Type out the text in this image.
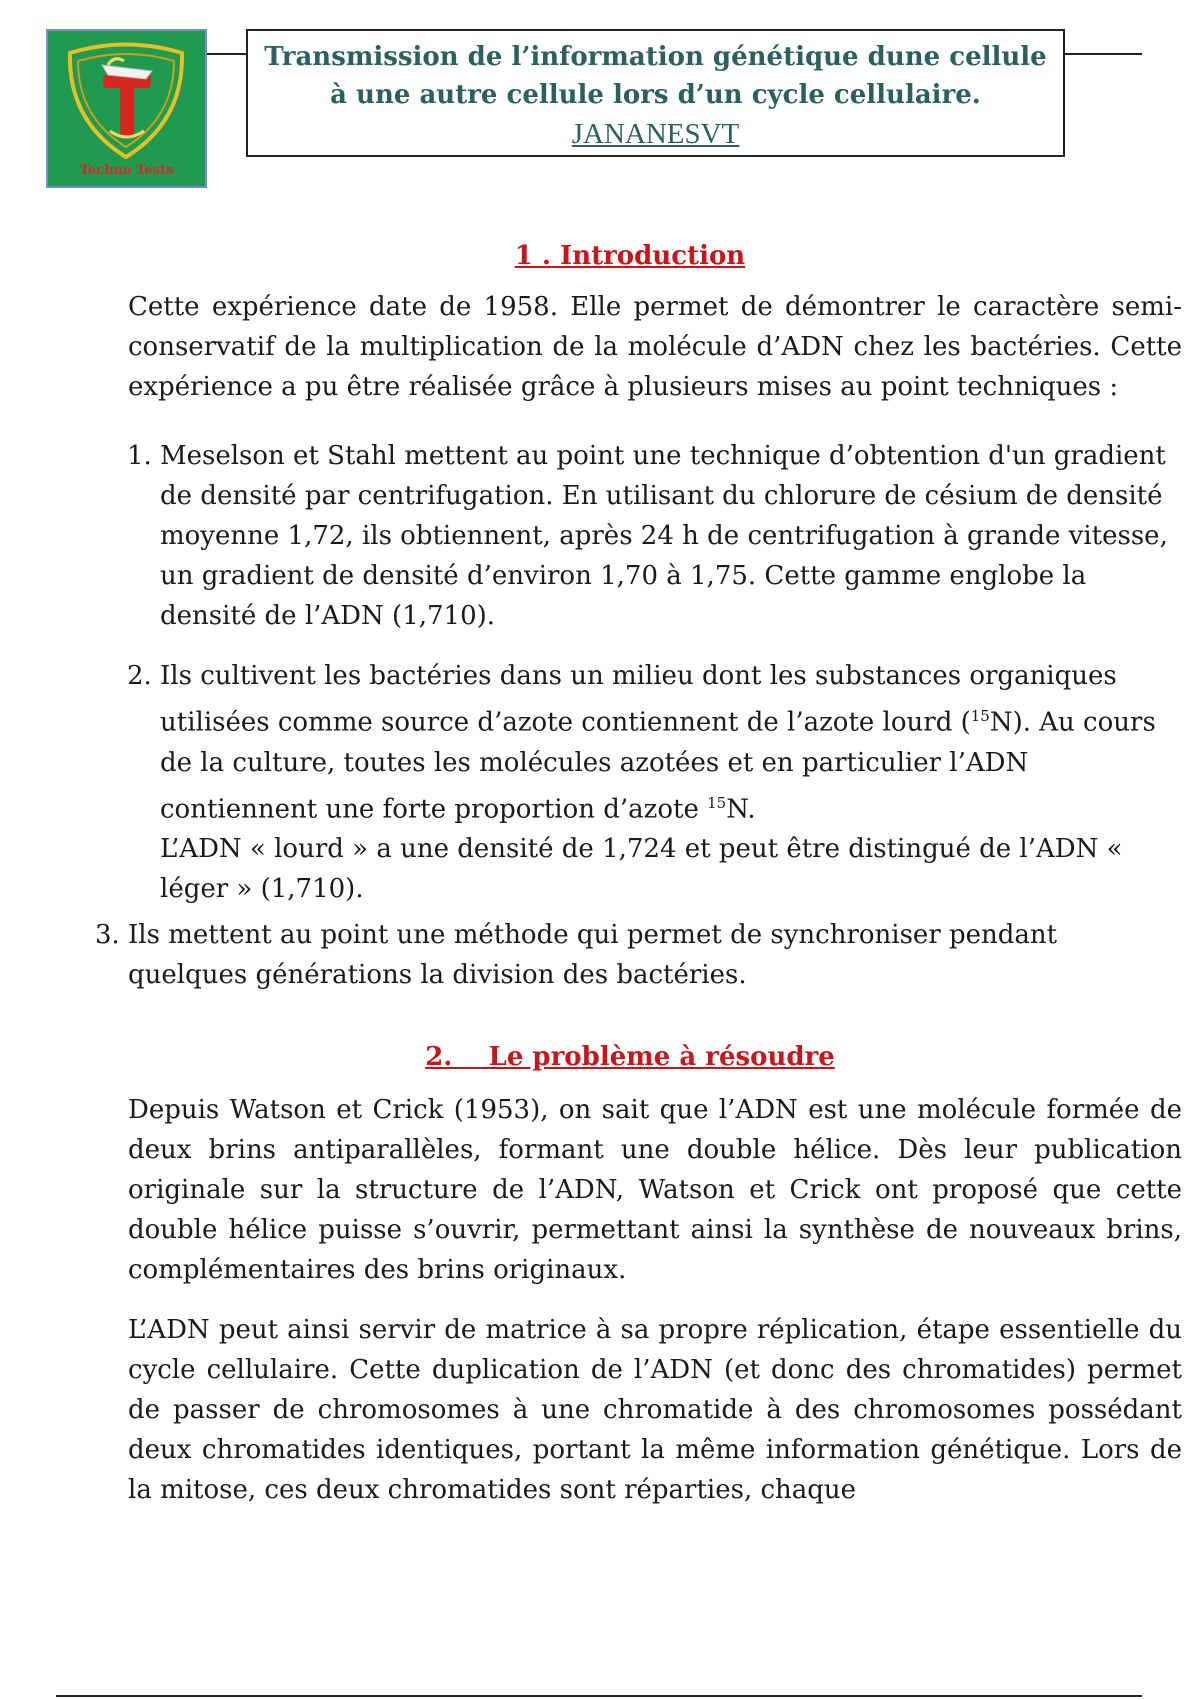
Techno Tests
Transmission de l’information génétique dune cellule
à une autre cellule lors d’un cycle cellulaire.
JANANESVT
1 . Introduction

Cette expérience date de 1958. Elle permet de démontrer le caractère semi-conservatif de la multiplication de la molécule d’ADN chez les bactéries. Cette expérience a pu être réalisée grâce à plusieurs mises au point techniques :

1. Meselson et Stahl mettent au point une technique d’obtention d'un gradient de densité par centrifugation. En utilisant du chlorure de césium de densité moyenne 1,72, ils obtiennent, après 24 h de centrifugation à grande vitesse, un gradient de densité d’environ 1,70 à 1,75. Cette gamme englobe la densité de l’ADN (1,710).
2. Ils cultivent les bactéries dans un milieu dont les substances organiques utilisées comme source d’azote contiennent de l’azote lourd ($^{15}$N). Au cours de la culture, toutes les molécules azotées et en particulier l’ADN contiennent une forte proportion d’azote $^{15}$N.
L’ADN « lourd » a une densité de 1,724 et peut être distingué de l’ADN « léger » (1,710).
3. Ils mettent au point une méthode qui permet de synchroniser pendant quelques générations la division des bactéries.
2.    Le problème à résoudre

Depuis Watson et Crick (1953), on sait que l’ADN est une molécule formée de deux brins antiparallèles, formant une double hélice. Dès leur publication originale sur la structure de l’ADN, Watson et Crick ont proposé que cette double hélice puisse s’ouvrir, permettant ainsi la synthèse de nouveaux brins, complémentaires des brins originaux.

L’ADN peut ainsi servir de matrice à sa propre réplication, étape essentielle du cycle cellulaire. Cette duplication de l’ADN (et donc des chromatides) permet de passer de chromosomes à une chromatide à des chromosomes possédant deux chromatides identiques, portant la même information génétique. Lors de la mitose, ces deux chromatides sont réparties, chaque
